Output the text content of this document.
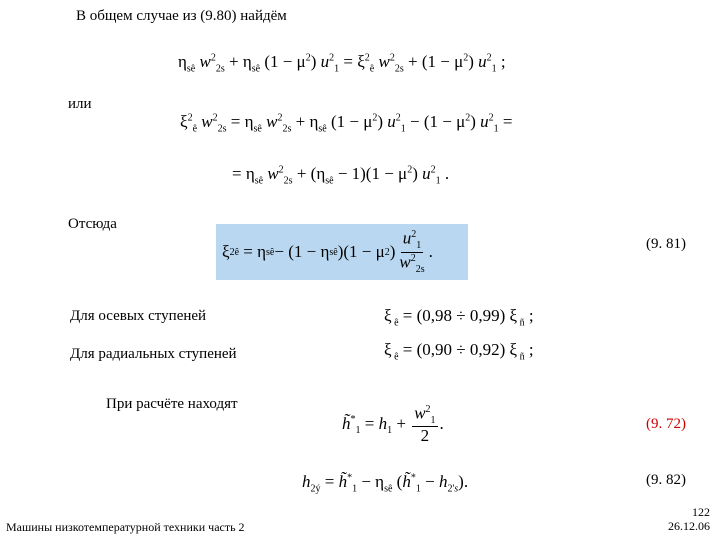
В общем случае из (9.80) найдём
$\eta_{sê}$ $w^2_{2s} + \eta_{sê}$ $(1 - \mu^2)$ $u^2_1 = \xi^2_ê$ $w^2_{2s} + (1 - \mu^2)$ $u^2_1$ ;
или
$\xi^2_ê$ $w^2_{2s} = \eta_{sê}$ $w^2_{2s} + \eta_{sê}$ $(1 - \mu^2)$ $u^2_1 - (1 - \mu^2) u^2_1$ =
= $\eta_{sê}$ $w^2_{2s} + (\eta_{sê} - 1)(1 - \mu^2)$ $u^2_1$ .
Отсюда
ξ 2 ê = η sê − (1 − η sê )(1 − μ 2 ) $\frac{u^2_1}{w^2_{2s}}$ .	(9. 81)
Для осевых ступеней	ξ $_ê$ = (0,98 ÷ 0,99) ξ $_ñ$ ;
Для радиальных ступеней	ξ $_ê$ = (0,90 ÷ 0,92) ξ $_ñ$ ;
При расчёте находят
$h̃^*_1 = h_1 + \frac{w^2_1}{2}$ .	(9. 72)
(9. 82)
$h_{2ý}$ = $h̃^*_1 - \eta_{sê}$ $(h̃^*_1 - h_{2's})$.
Машины низкотемпературной техники часть 2
122
26.12.06
